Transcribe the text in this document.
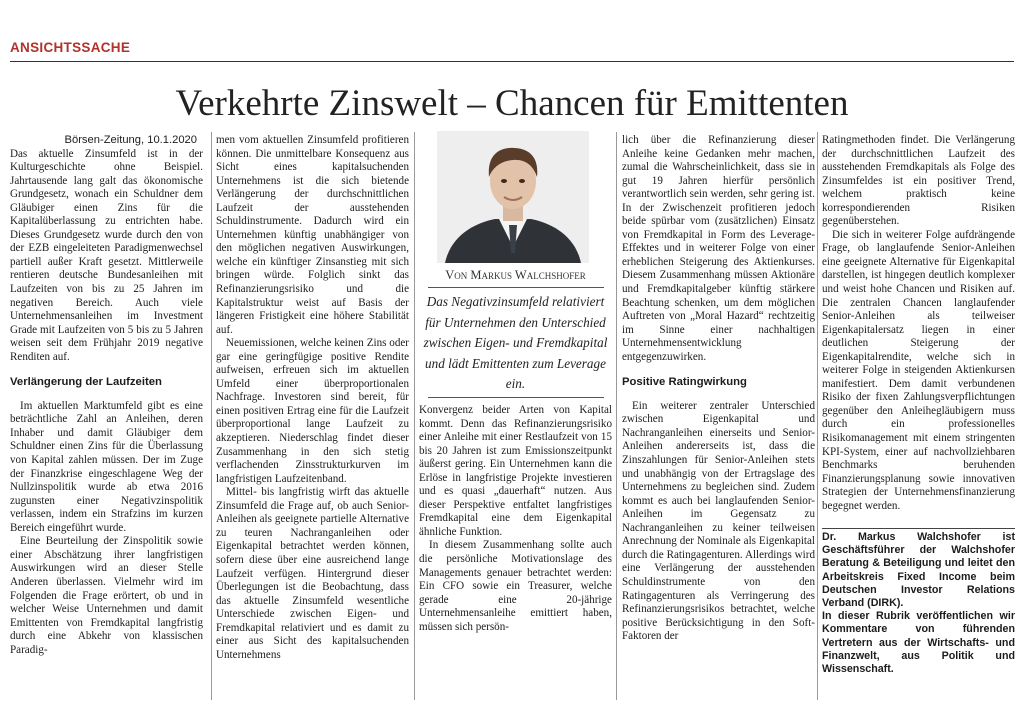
ANSICHTSSACHE
Verkehrte Zinswelt – Chancen für Emittenten
Börsen-Zeitung, 10.1.2020

Das aktuelle Zinsumfeld ist in der Kulturgeschichte ohne Beispiel. Jahrtausende lang galt das ökonomische Grundgesetz, wonach ein Schuldner dem Gläubiger einen Zins für die Kapitalüberlassung zu entrichten habe. Dieses Grundgesetz wurde durch den von der EZB eingeleiteten Paradigmenwechsel partiell außer Kraft gesetzt. Mittlerweile rentieren deutsche Bundesanleihen mit Laufzeiten von bis zu 25 Jahren im negativen Bereich. Auch viele Unternehmensanleihen im Investment Grade mit Laufzeiten von 5 bis zu 5 Jahren weisen seit dem Frühjahr 2019 negative Renditen auf.

Verlängerung der Laufzeiten

Im aktuellen Marktumfeld gibt es eine beträchtliche Zahl an Anleihen, deren Inhaber und damit Gläubiger dem Schuldner einen Zins für die Überlassung von Kapital zahlen müssen. Der im Zuge der Finanzkrise eingeschlagene Weg der Nullzinspolitik wurde ab etwa 2016 zugunsten einer Negativzinspolitik verlassen, indem ein Strafzins im kurzen Bereich eingeführt wurde.

Eine Beurteilung der Zinspolitik sowie einer Abschätzung ihrer langfristigen Auswirkungen wird an dieser Stelle Anderen überlassen. Vielmehr wird im Folgenden die Frage erörtert, ob und in welcher Weise Unternehmen und damit Emittenten von Fremdkapital langfristig durch eine Abkehr von klassischen Paradig-

men vom aktuellen Zinsumfeld profitieren können. Die unmittelbare Konsequenz aus Sicht eines kapitalsuchenden Unternehmens ist die sich bietende Verlängerung der durchschnittlichen Laufzeit der ausstehenden Schuldinstrumente. Dadurch wird ein Unternehmen künftig unabhängiger von den möglichen negativen Auswirkungen, welche ein künftiger Zinsanstieg mit sich bringen würde. Folglich sinkt das Refinanzierungsrisiko und die Kapitalstruktur weist auf Basis der längeren Fristigkeit eine höhere Stabilität auf.

Neuemissionen, welche keinen Zins oder gar eine geringfügige positive Rendite aufweisen, erfreuen sich im aktuellen Umfeld einer überproportionalen Nachfrage. Investoren sind bereit, für einen positiven Ertrag eine für die Laufzeit überproportional lange Laufzeit zu akzeptieren. Niederschlag findet dieser Zusammenhang in den sich stetig verflachenden Zinsstrukturkurven im langfristigen Laufzeitenband.

Mittel- bis langfristig wirft das aktuelle Zinsumfeld die Frage auf, ob auch Senior-Anleihen als geeignete partielle Alternative zu teuren Nachranganleihen oder Eigenkapital betrachtet werden können, sofern diese über eine ausreichend lange Laufzeit verfügen. Hintergrund dieser Überlegungen ist die Beobachtung, dass das aktuelle Zinsumfeld wesentliche Unterschiede zwischen Eigen- und Fremdkapital relativiert und es damit zu einer aus Sicht des kapitalsuchenden Unternehmens

Von Markus Walchshofer
Das Negativzinsumfeld relativiert für Unternehmen den Unterschied zwischen Eigen- und Fremdkapital und lädt Emittenten zum Leverage ein.

Konvergenz beider Arten von Kapital kommt. Denn das Refinanzierungsrisiko einer Anleihe mit einer Restlaufzeit von 15 bis 20 Jahren ist zum Emissionszeitpunkt äußerst gering. Ein Unternehmen kann die Erlöse in langfristige Projekte investieren und es quasi „dauerhaft“ nutzen. Aus dieser Perspektive entfaltet langfristiges Fremdkapital eine dem Eigenkapital ähnliche Funktion.

In diesem Zusammenhang sollte auch die persönliche Motivationslage des Managements genauer betrachtet werden: Ein CFO sowie ein Treasurer, welche gerade eine 20-jährige Unternehmensanleihe emittiert haben, müssen sich persön-

lich über die Refinanzierung dieser Anleihe keine Gedanken mehr machen, zumal die Wahrscheinlichkeit, dass sie in gut 19 Jahren hierfür persönlich verantwortlich sein werden, sehr gering ist. In der Zwischenzeit profitieren jedoch beide spürbar vom (zusätzlichen) Einsatz von Fremdkapital in Form des Leverage-Effektes und in weiterer Folge von einer erheblichen Steigerung des Aktienkurses. Diesem Zusammenhang müssen Aktionäre und Fremdkapitalgeber künftig stärkere Beachtung schenken, um dem möglichen Auftreten von „Moral Hazard“ rechtzeitig im Sinne einer nachhaltigen Unternehmensentwicklung entgegenzuwirken.

Positive Ratingwirkung

Ein weiterer zentraler Unterschied zwischen Eigenkapital und Nachranganleihen einerseits und Senior-Anleihen andererseits ist, dass die Zinszahlungen für Senior-Anleihen stets und unabhängig von der Ertragslage des Unternehmens zu begleichen sind. Zudem kommt es auch bei langlaufenden Senior-Anleihen im Gegensatz zu Nachranganleihen zu keiner teilweisen Anrechnung der Nominale als Eigenkapital durch die Ratingagenturen. Allerdings wird eine Verlängerung der ausstehenden Schuldinstrumente von den Ratingagenturen als Verringerung des Refinanzierungsrisikos betrachtet, welche positive Berücksichtigung in den Soft-Faktoren der

Ratingmethoden findet. Die Verlängerung der durchschnittlichen Laufzeit des ausstehenden Fremdkapitals als Folge des Zinsumfeldes ist ein positiver Trend, welchem praktisch keine korrespondierenden Risiken gegenüberstehen.

Die sich in weiterer Folge aufdrängende Frage, ob langlaufende Senior-Anleihen eine geeignete Alternative für Eigenkapital darstellen, ist hingegen deutlich komplexer und weist hohe Chancen und Risiken auf. Die zentralen Chancen langlaufender Senior-Anleihen als teilweiser Eigenkapitalersatz liegen in einer deutlichen Steigerung der Eigenkapitalrendite, welche sich in weiterer Folge in steigenden Aktienkursen manifestiert. Dem damit verbundenen Risiko der fixen Zahlungsverpflichtungen gegenüber den Anleihegläubigern muss durch ein professionelles Risikomanagement mit einem stringenten KPI-System, einer auf nachvollziehbaren Benchmarks beruhenden Finanzierungsplanung sowie innovativen Strategien der Unternehmensfinanzierung begegnet werden.

Dr. Markus Walchshofer ist Geschäftsführer der Walchshofer Beratung & Beteiligung und leitet den Arbeitskreis Fixed Income beim Deutschen Investor Relations Verband (DIRK).

In dieser Rubrik veröffentlichen wir Kommentare von führenden Vertretern aus der Wirtschafts- und Finanzwelt, aus Politik und Wissenschaft.
